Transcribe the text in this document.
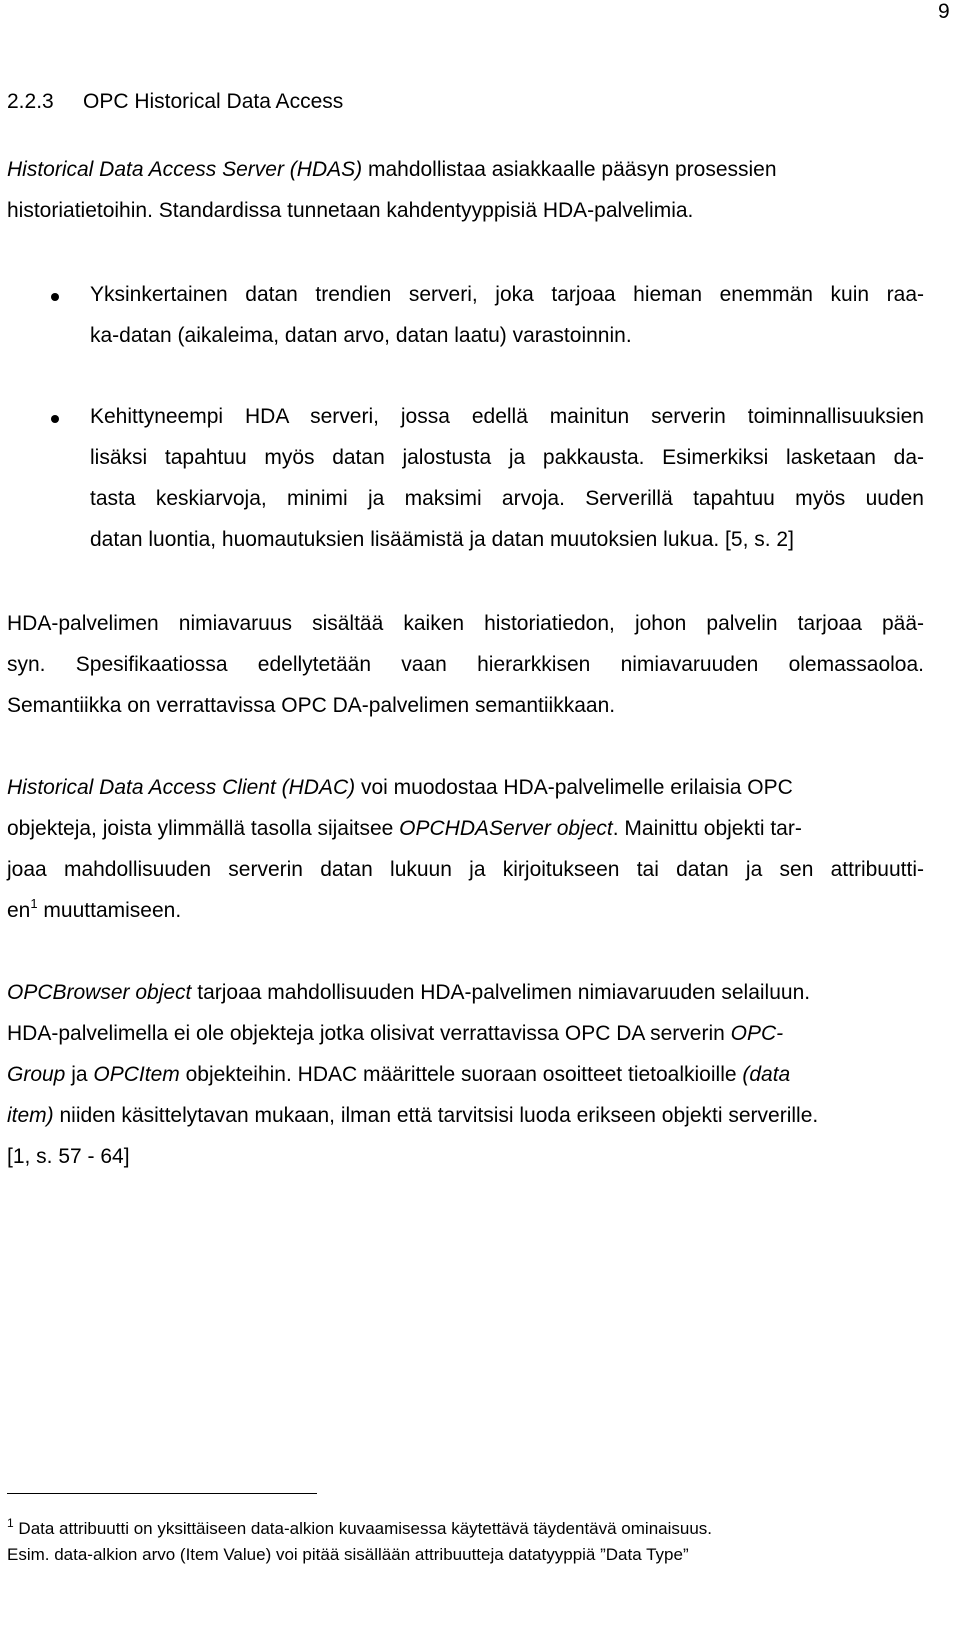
9
2.2.3 OPC Historical Data Access
Historical Data Access Server (HDAS) mahdollistaa asiakkaalle pääsyn prosessien
historiatietoihin. Standardissa tunnetaan kahdentyyppisiä HDA-palvelimia.
Yksinkertainen datan trendien serveri, joka tarjoaa hieman enemmän kuin raa-
ka-datan (aikaleima, datan arvo, datan laatu) varastoinnin.
Kehittyneempi HDA serveri, jossa edellä mainitun serverin toiminnallisuuksien
lisäksi tapahtuu myös datan jalostusta ja pakkausta. Esimerkiksi lasketaan da-
tasta keskiarvoja, minimi ja maksimi arvoja. Serverillä tapahtuu myös uuden
datan luontia, huomautuksien lisäämistä ja datan muutoksien lukua. [5, s. 2]
HDA-palvelimen nimiavaruus sisältää kaiken historiatiedon, johon palvelin tarjoaa pää-
syn. Spesifikaatiossa edellytetään vaan hierarkkisen nimiavaruuden olemassaoloa.
Semantiikka on verrattavissa OPC DA-palvelimen semantiikkaan.
Historical Data Access Client (HDAC) voi muodostaa HDA-palvelimelle erilaisia OPC
objekteja, joista ylimmällä tasolla sijaitsee OPCHDAServer object. Mainittu objekti tar-
joaa mahdollisuuden serverin datan lukuun ja kirjoitukseen tai datan ja sen attribuutti-
$en^1$ muuttamiseen.
OPCBrowser object tarjoaa mahdollisuuden HDA-palvelimen nimiavaruuden selailuun.
HDA-palvelimella ei ole objekteja jotka olisivat verrattavissa OPC DA serverin OPC-
Group ja OPCItem objekteihin. HDAC määrittele suoraan osoitteet tietoalkioille (data
item) niiden käsittelytavan mukaan, ilman että tarvitsisi luoda erikseen objekti serverille.
[1, s. 57 - 64]
$^1$ Data attribuutti on yksittäiseen data-alkion kuvaamisessa käytettävä täydentävä ominaisuus.
Esim. data-alkion arvo (Item Value) voi pitää sisällään attribuutteja datatyyppiä ”Data Type”
